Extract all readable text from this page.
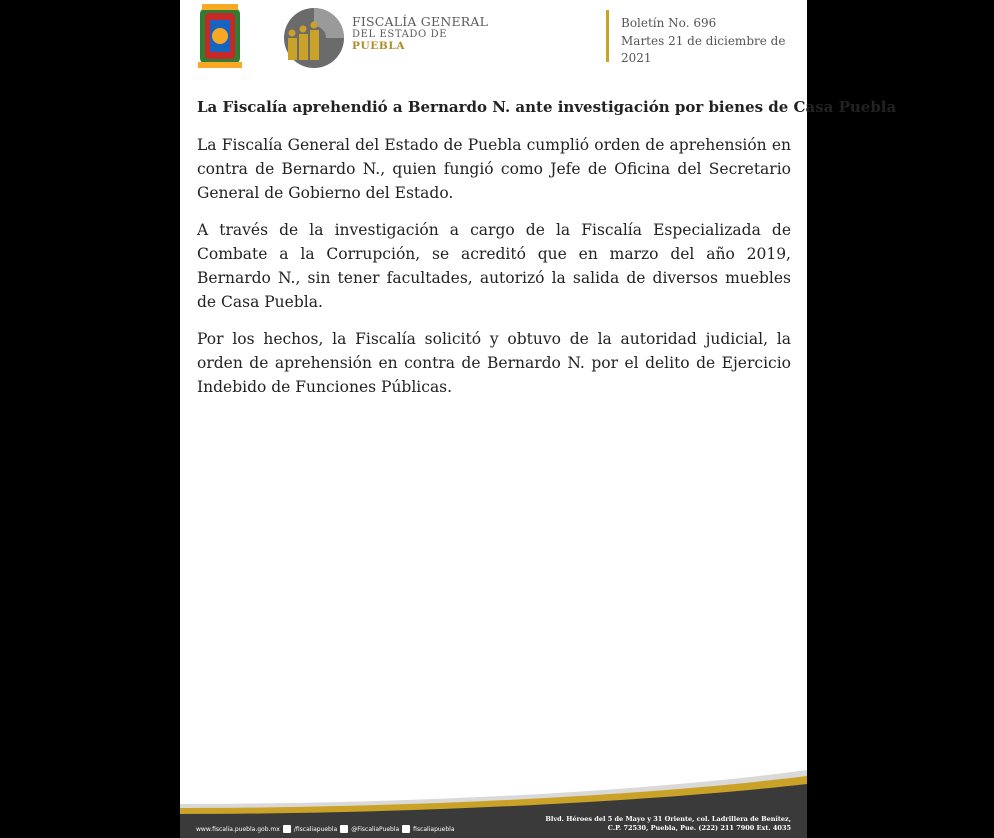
FISCALÍA GENERAL
DEL ESTADO DE
PUEBLA
Boletín No. 696
Martes 21 de diciembre de 2021
La Fiscalía aprehendió a Bernardo N. ante investigación por bienes de Casa Puebla

La Fiscalía General del Estado de Puebla cumplió orden de aprehensión en contra de Bernardo N., quien fungió como Jefe de Oficina del Secretario General de Gobierno del Estado.

A través de la investigación a cargo de la Fiscalía Especializada de Combate a la Corrupción, se acreditó que en marzo del año 2019, Bernardo N., sin tener facultades, autorizó la salida de diversos muebles de Casa Puebla.

Por los hechos, la Fiscalía solicitó y obtuvo de la autoridad judicial, la orden de aprehensión en contra de Bernardo N. por el delito de Ejercicio Indebido de Funciones Públicas.

www.fiscalia.puebla.gob.mx /fiscaliapuebla @FiscaliaPuebla fiscaliapuebla
Blvd. Héroes del 5 de Mayo y 31 Oriente, col. Ladrillera de Benítez,
C.P. 72530, Puebla, Pue. (222) 211 7900 Ext. 4035
